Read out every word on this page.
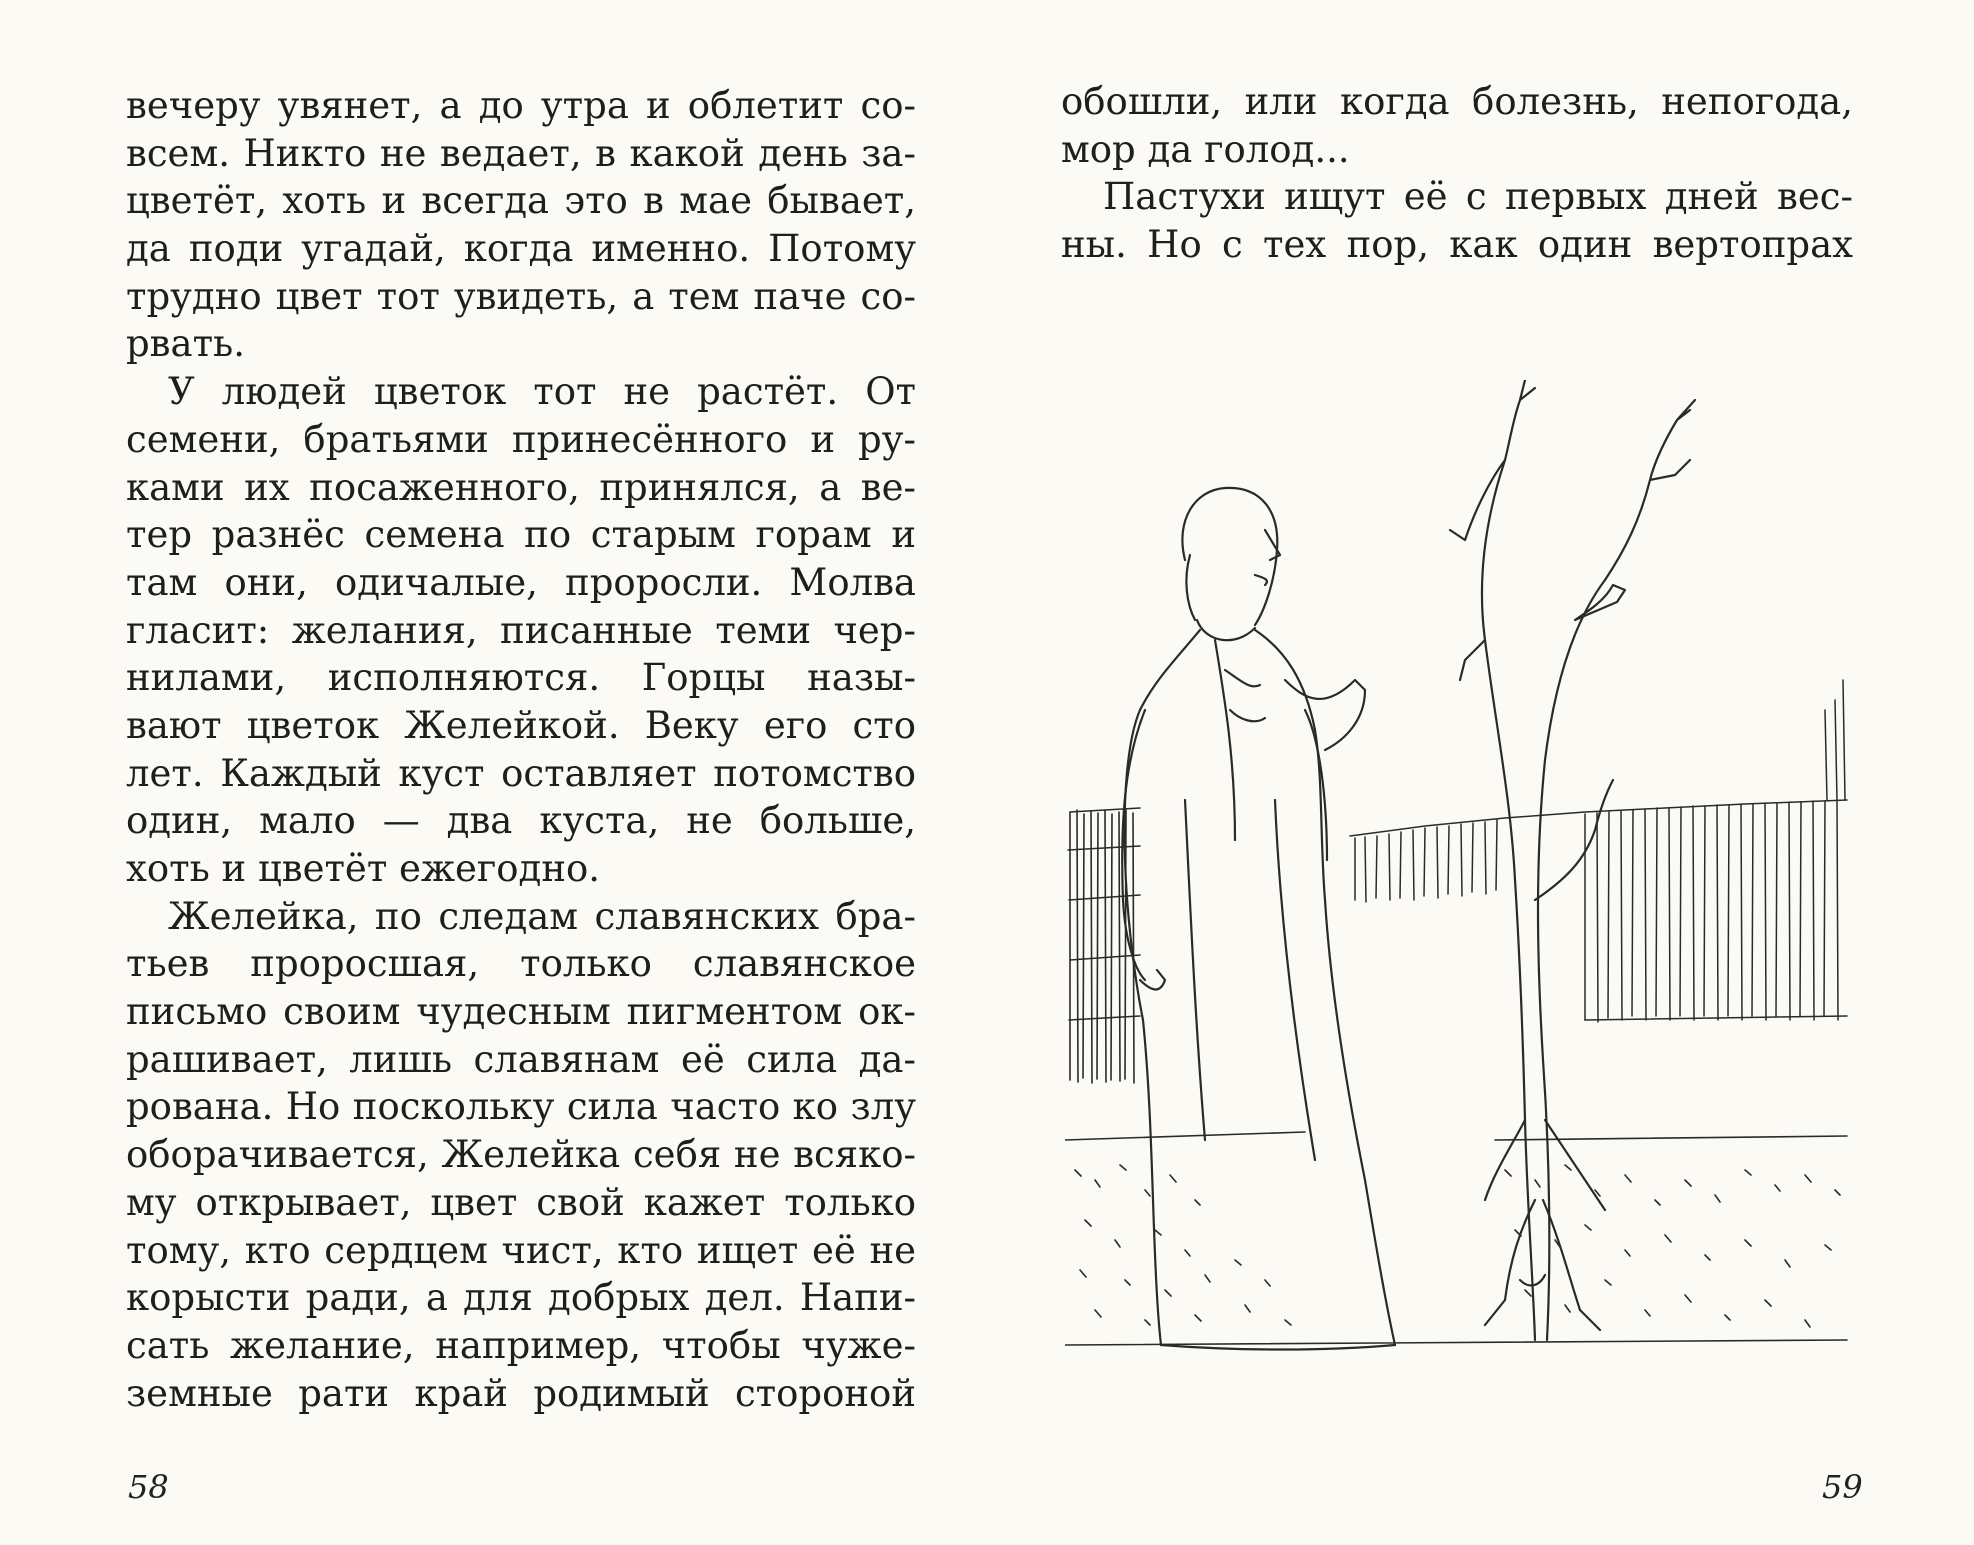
вечеру увянет, а до утра и облетит со-
всем. Никто не ведает, в какой день за-
цветёт, хоть и всегда это в мае бывает,
да поди угадай, когда именно. Потому
трудно цвет тот увидеть, а тем паче со-
рвать.
У людей цветок тот не растёт. От
семени, братьями принесённого и ру-
ками их посаженного, принялся, а ве-
тер разнёс семена по старым горам и
там они, одичалые, проросли. Молва
гласит: желания, писанные теми чер-
нилами, исполняются. Горцы назы-
вают цветок Желейкой. Веку его сто
лет. Каждый куст оставляет потомство
один, мало — два куста, не больше,
хоть и цветёт ежегодно.
Желейка, по следам славянских бра-
тьев проросшая, только славянское
письмо своим чудесным пигментом ок-
рашивает, лишь славянам её сила да-
рована. Но поскольку сила часто ко злу
оборачивается, Желейка себя не всяко-
му открывает, цвет свой кажет только
тому, кто сердцем чист, кто ищет её не
корысти ради, а для добрых дел. Напи-
сать желание, например, чтобы чуже-
земные рати край родимый стороной
58
обошли, или когда болезнь, непогода,
мор да голод...
Пастухи ищут её с первых дней вес-
ны. Но с тех пор, как один вертопрах
59
